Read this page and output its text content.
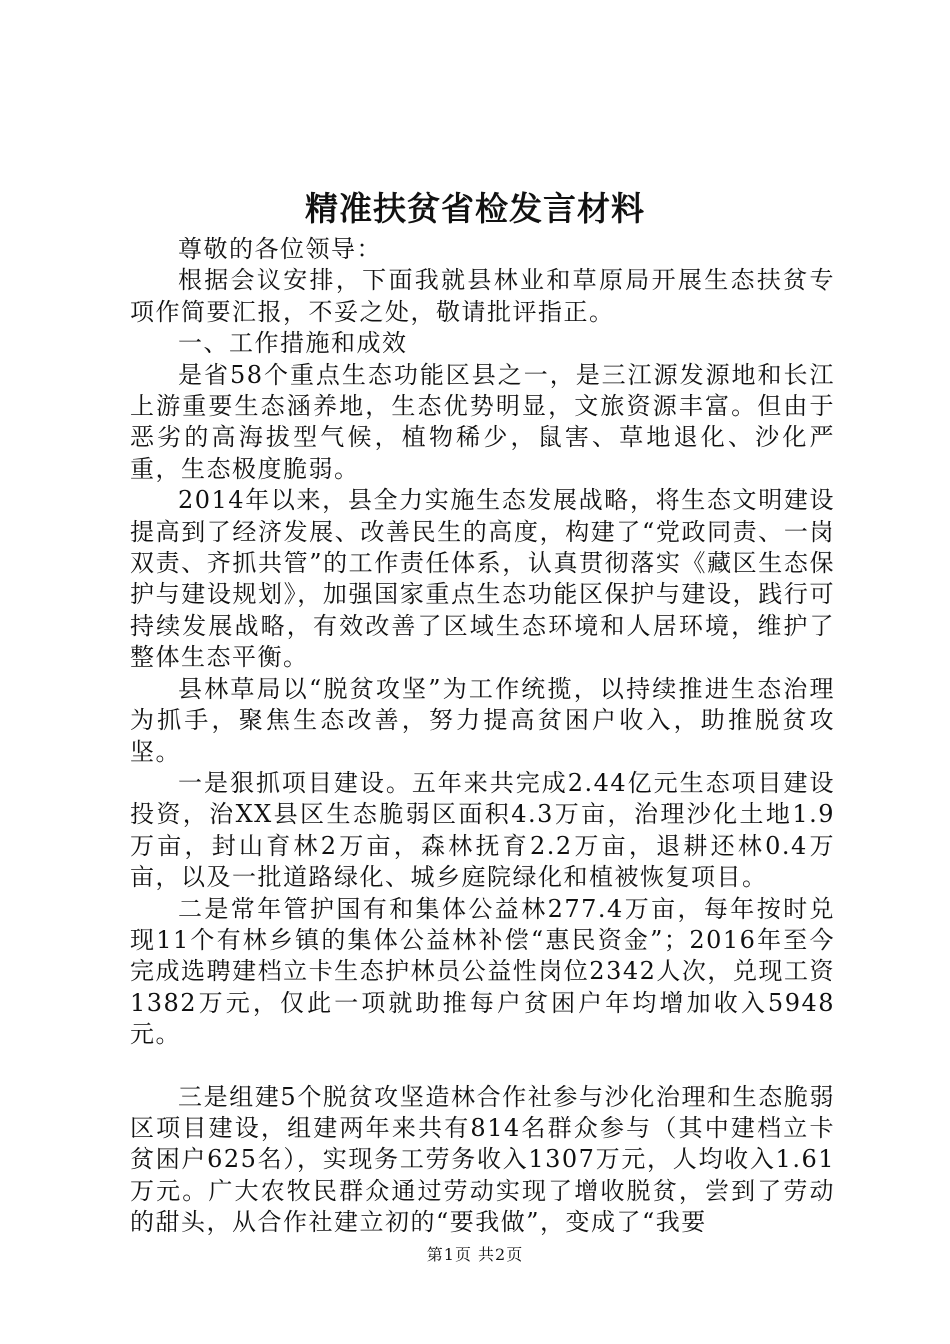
精准扶贫省检发言材料

尊敬的各位领导：

根据会议安排，下面我就县林业和草原局开展生态扶贫专项作简要汇报，不妥之处，敬请批评指正。

一、工作措施和成效

是省58个重点生态功能区县之一，是三江源发源地和长江上游重要生态涵养地，生态优势明显，文旅资源丰富。但由于恶劣的高海拔型气候，植物稀少，鼠害、草地退化、沙化严重，生态极度脆弱。

2014年以来，县全力实施生态发展战略，将生态文明建设提高到了经济发展、改善民生的高度，构建了“党政同责、一岗双责、齐抓共管”的工作责任体系，认真贯彻落实《藏区生态保护与建设规划》，加强国家重点生态功能区保护与建设，践行可持续发展战略，有效改善了区域生态环境和人居环境，维护了整体生态平衡。

县林草局以“脱贫攻坚”为工作统揽，以持续推进生态治理为抓手，聚焦生态改善，努力提高贫困户收入，助推脱贫攻坚。

一是狠抓项目建设。五年来共完成2.44亿元生态项目建设投资，治XX县区生态脆弱区面积4.3万亩，治理沙化土地1.9万亩，封山育林2万亩，森林抚育2.2万亩，退耕还林0.4万亩，以及一批道路绿化、城乡庭院绿化和植被恢复项目。

二是常年管护国有和集体公益林277.4万亩，每年按时兑现11个有林乡镇的集体公益林补偿“惠民资金”；2016年至今完成选聘建档立卡生态护林员公益性岗位2342人次，兑现工资1382万元，仅此一项就助推每户贫困户年均增加收入5948元。

三是组建5个脱贫攻坚造林合作社参与沙化治理和生态脆弱区项目建设，组建两年来共有814名群众参与（其中建档立卡贫困户625名），实现务工劳务收入1307万元，人均收入1.61万元。广大农牧民群众通过劳动实现了增收脱贫，尝到了劳动的甜头，从合作社建立初的“要我做”，变成了“我要

第1页 共2页
